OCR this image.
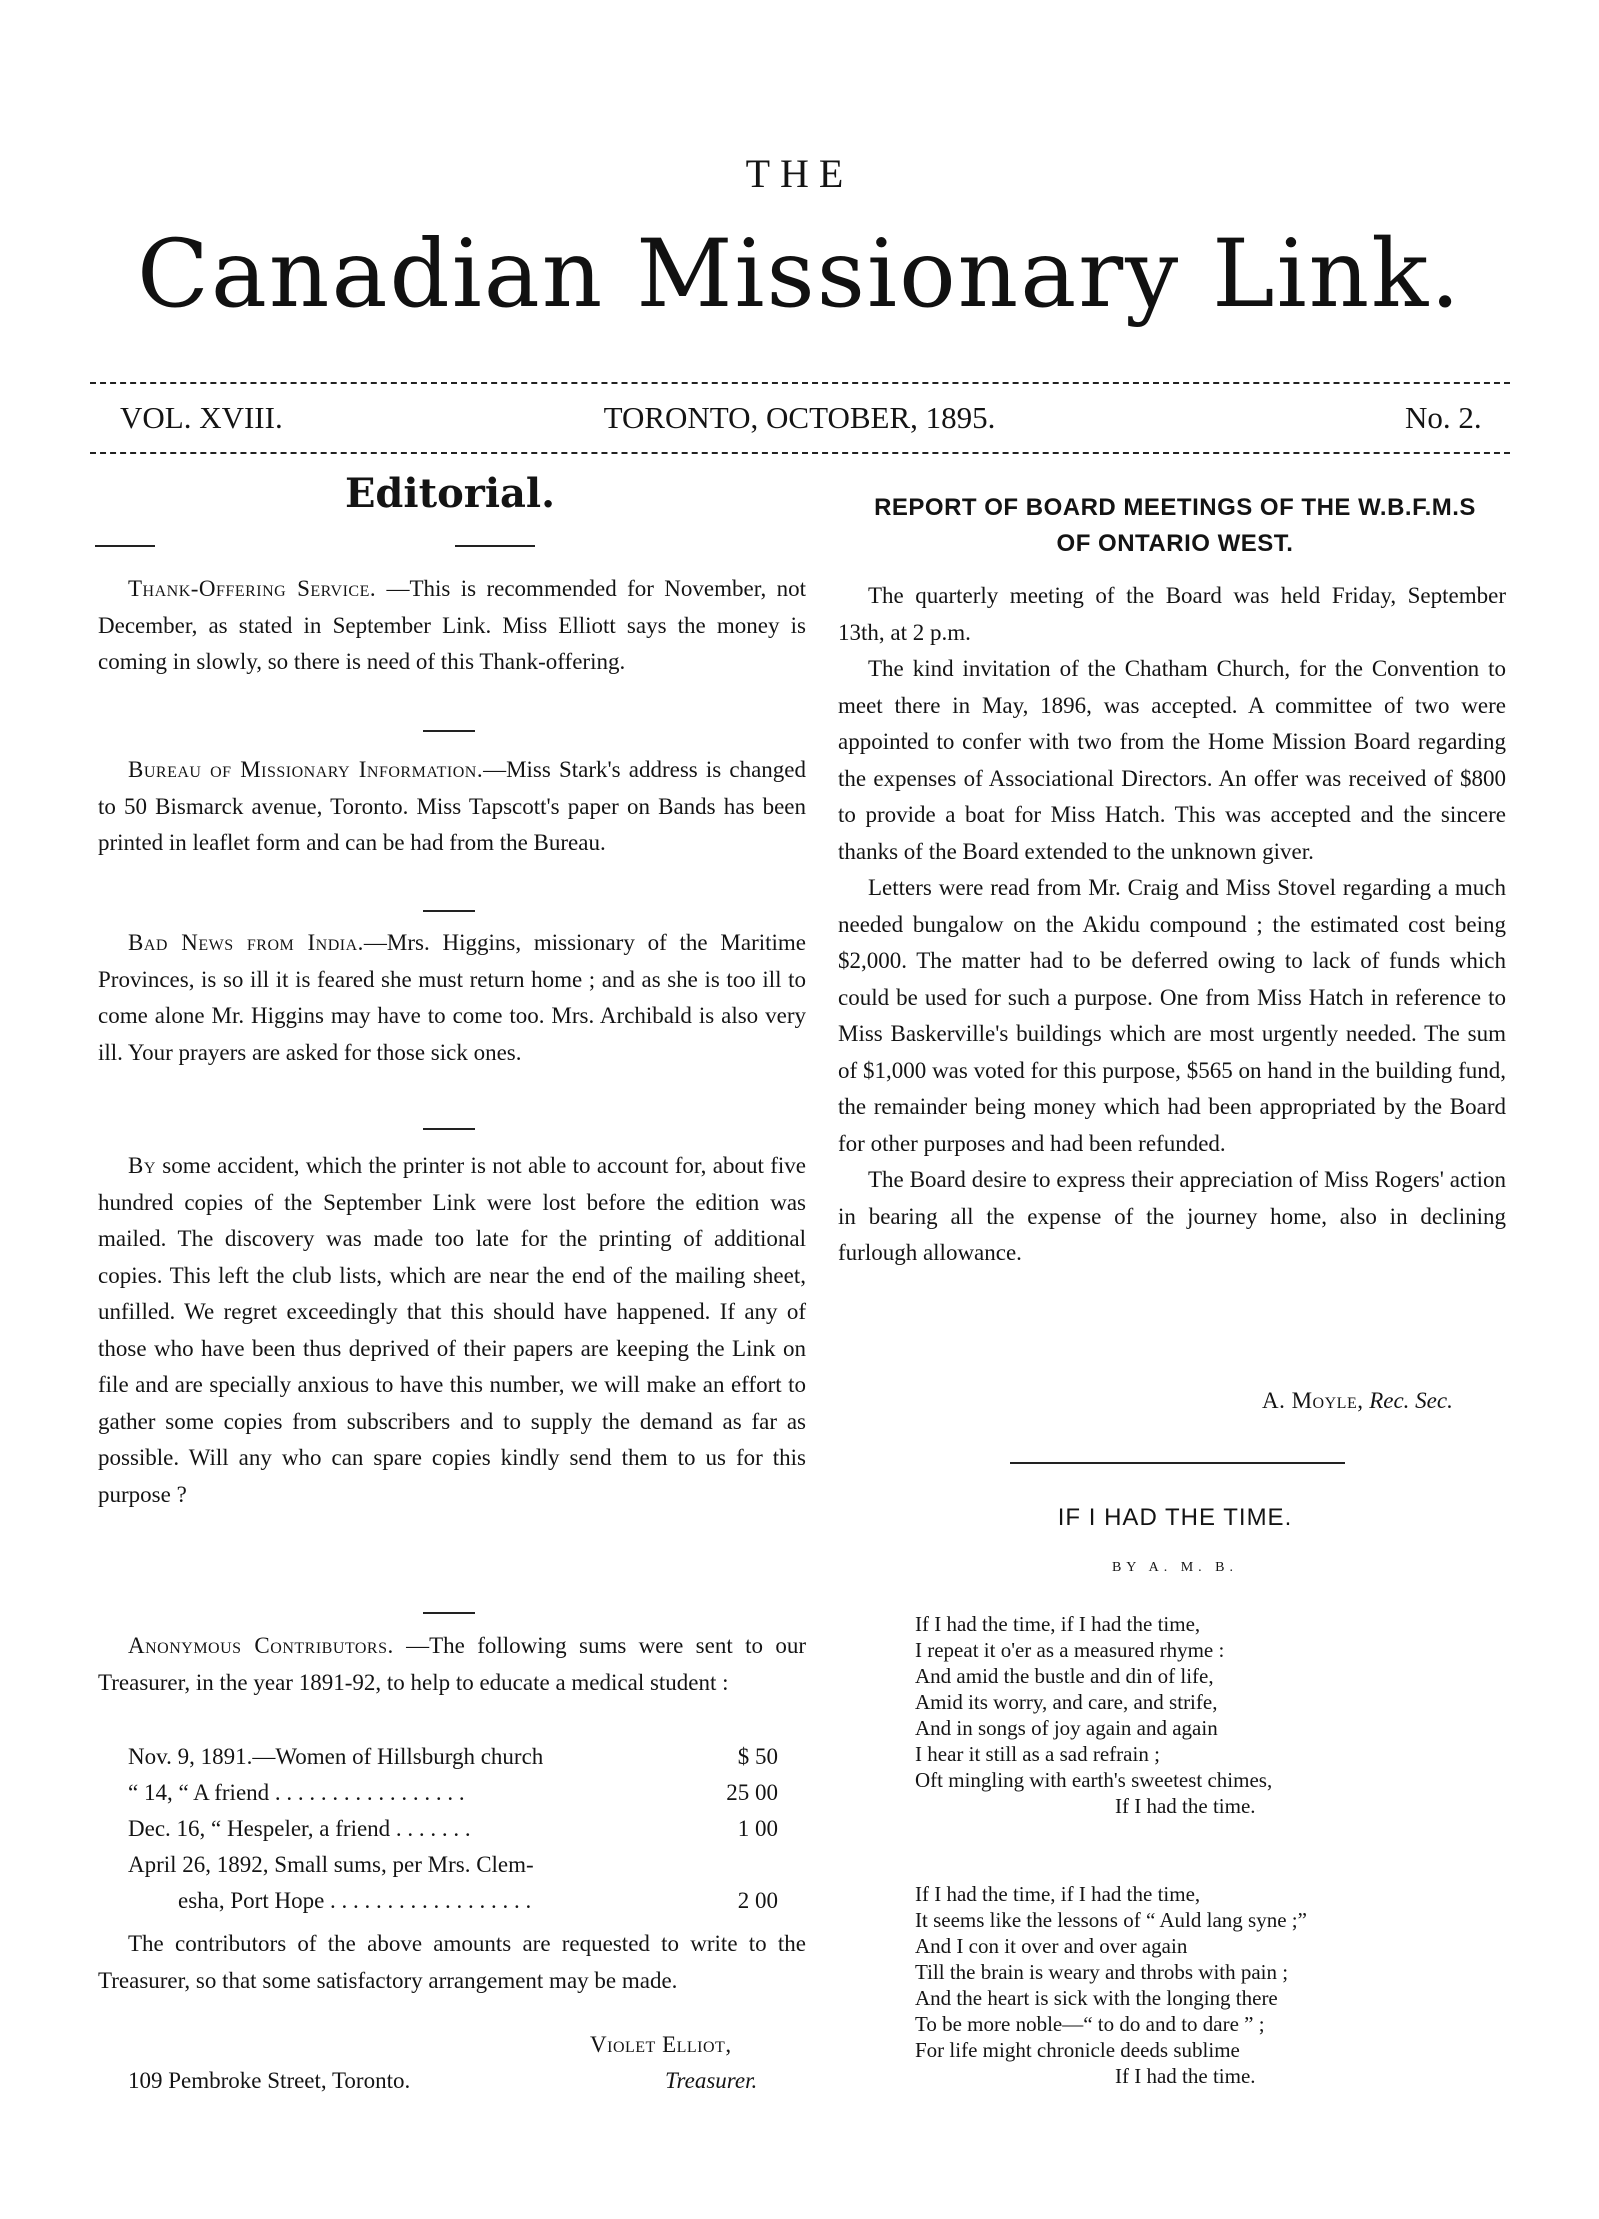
THE
Canadian Missionary Link.
VOL. XVIII.	TORONTO, OCTOBER, 1895.	No. 2.
Editorial.

Thank-Offering Service. —This is recommended for November, not December, as stated in September Link. Miss Elliott says the money is coming in slowly, so there is need of this Thank-offering.

Bureau of Missionary Information.—Miss Stark's address is changed to 50 Bismarck avenue, Toronto. Miss Tapscott's paper on Bands has been printed in leaflet form and can be had from the Bureau.

Bad News from India.—Mrs. Higgins, missionary of the Maritime Provinces, is so ill it is feared she must return home ; and as she is too ill to come alone Mr. Higgins may have to come too. Mrs. Archibald is also very ill. Your prayers are asked for those sick ones.

By some accident, which the printer is not able to account for, about five hundred copies of the September Link were lost before the edition was mailed. The discovery was made too late for the printing of additional copies. This left the club lists, which are near the end of the mailing sheet, unfilled. We regret exceedingly that this should have happened. If any of those who have been thus deprived of their papers are keeping the Link on file and are specially anxious to have this number, we will make an effort to gather some copies from subscribers and to supply the demand as far as possible. Will any who can spare copies kindly send them to us for this purpose ?

Anonymous Contributors. —The following sums were sent to our Treasurer, in the year 1891-92, to help to educate a medical student :

Nov. 9, 1891.—Women of Hillsburgh church	$ 50
“ 14, “ A friend . . . . . . . . . . . . . . . . .	25 00
Dec. 16, “ Hespeler, a friend . . . . . . .	1 00
April 26, 1892, Small sums, per Mrs. Clem-
esha, Port Hope . . . . . . . . . . . . . . . . . .	2 00

The contributors of the above amounts are requested to write to the Treasurer, so that some satisfactory arrangement may be made.

Violet Elliot,
109 Pembroke Street, Toronto.	Treasurer.
REPORT OF BOARD MEETINGS OF THE W.B.F.M.S
OF ONTARIO WEST.

The quarterly meeting of the Board was held Friday, September 13th, at 2 p.m.

The kind invitation of the Chatham Church, for the Convention to meet there in May, 1896, was accepted. A committee of two were appointed to confer with two from the Home Mission Board regarding the expenses of Associational Directors. An offer was received of $800 to provide a boat for Miss Hatch. This was accepted and the sincere thanks of the Board extended to the unknown giver.

Letters were read from Mr. Craig and Miss Stovel regarding a much needed bungalow on the Akidu compound ; the estimated cost being $2,000. The matter had to be deferred owing to lack of funds which could be used for such a purpose. One from Miss Hatch in reference to Miss Baskerville's buildings which are most urgently needed. The sum of $1,000 was voted for this purpose, $565 on hand in the building fund, the remainder being money which had been appropriated by the Board for other purposes and had been refunded.

The Board desire to express their appreciation of Miss Rogers' action in bearing all the expense of the journey home, also in declining furlough allowance.

A. Moyle, Rec. Sec.
IF I HAD THE TIME.
BY A. M. B.
If I had the time, if I had the time,
I repeat it o'er as a measured rhyme :
And amid the bustle and din of life,
Amid its worry, and care, and strife,
And in songs of joy again and again
I hear it still as a sad refrain ;
Oft mingling with earth's sweetest chimes,
If I had the time.
If I had the time, if I had the time,
It seems like the lessons of “ Auld lang syne ;”
And I con it over and over again
Till the brain is weary and throbs with pain ;
And the heart is sick with the longing there
To be more noble—“ to do and to dare ” ;
For life might chronicle deeds sublime
If I had the time.
